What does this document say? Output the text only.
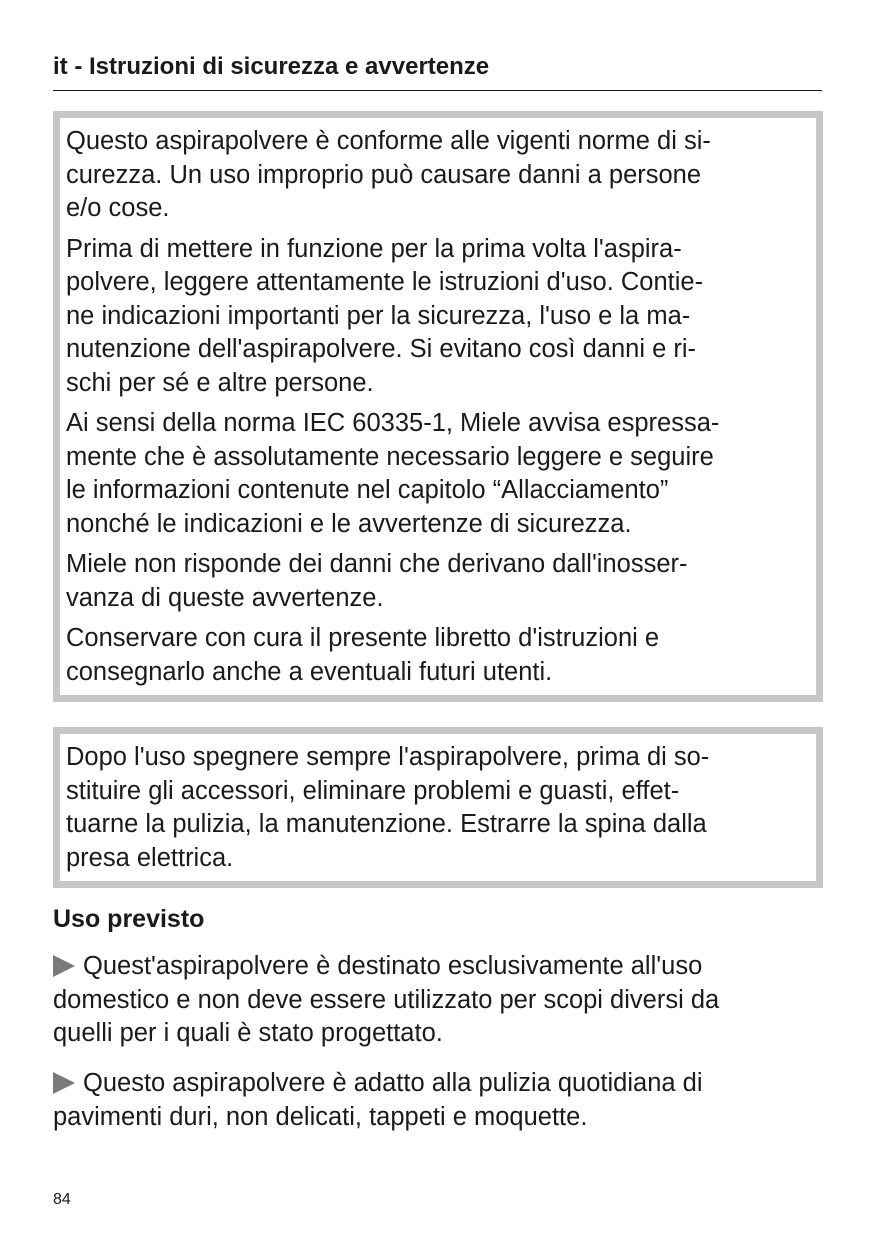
it - Istruzioni di sicurezza e avvertenze

Questo aspirapolvere è conforme alle vigenti norme di si-
curezza. Un uso improprio può causare danni a persone
e/o cose.

Prima di mettere in funzione per la prima volta l'aspira-
polvere, leggere attentamente le istruzioni d'uso. Contie-
ne indicazioni importanti per la sicurezza, l'uso e la ma-
nutenzione dell'aspirapolvere. Si evitano così danni e ri-
schi per sé e altre persone.

Ai sensi della norma IEC 60335-1, Miele avvisa espressa-
mente che è assolutamente necessario leggere e seguire
le informazioni contenute nel capitolo “Allacciamento”
nonché le indicazioni e le avvertenze di sicurezza.

Miele non risponde dei danni che derivano dall'inosser-
vanza di queste avvertenze.

Conservare con cura il presente libretto d'istruzioni e
consegnarlo anche a eventuali futuri utenti.

Dopo l'uso spegnere sempre l'aspirapolvere, prima di so-
stituire gli accessori, eliminare problemi e guasti, effet-
tuarne la pulizia, la manutenzione. Estrarre la spina dalla
presa elettrica.

Uso previsto

Quest'aspirapolvere è destinato esclusivamente all'uso
domestico e non deve essere utilizzato per scopi diversi da
quelli per i quali è stato progettato.

Questo aspirapolvere è adatto alla pulizia quotidiana di
pavimenti duri, non delicati, tappeti e moquette.

84
